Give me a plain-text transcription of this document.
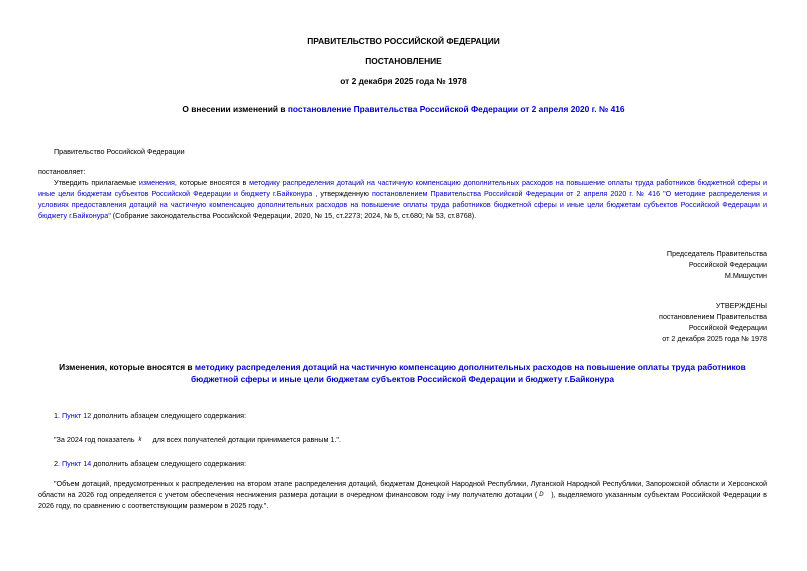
ПРАВИТЕЛЬСТВО РОССИЙСКОЙ ФЕДЕРАЦИИ
ПОСТАНОВЛЕНИЕ
от 2 декабря 2025 года № 1978
О внесении изменений в постановление Правительства Российской Федерации от 2 апреля 2020 г. № 416
Правительство Российской Федерации
постановляет:
Утвердить прилагаемые изменения, которые вносятся в методику распределения дотаций на частичную компенсацию дополнительных расходов на повышение оплаты труда работников бюджетной сферы и иные цели бюджетам субъектов Российской Федерации и бюджету г.Байконура , утвержденную постановлением Правительства Российской Федерации от 2 апреля 2020 г. № 416 "О методике распределения и условиях предоставления дотаций на частичную компенсацию дополнительных расходов на повышение оплаты труда работников бюджетной сферы и иные цели бюджетам субъектов Российской Федерации и бюджету г.Байконура" (Собрание законодательства Российской Федерации, 2020, № 15, ст.2273; 2024, № 5, ст.680; № 53, ст.8768).
Председатель Правительства
Российской Федерации
М.Мишустин
УТВЕРЖДЕНЫ
постановлением Правительства
Российской Федерации
от 2 декабря 2025 года № 1978
Изменения, которые вносятся в методику распределения дотаций на частичную компенсацию дополнительных расходов на повышение оплаты труда работников бюджетной сферы и иные цели бюджетам субъектов Российской Федерации и бюджету г.Байконура
1. Пункт 12 дополнить абзацем следующего содержания:
"За 2024 год показатель k для всех получателей дотации принимается равным 1.".
2. Пункт 14 дополнить абзацем следующего содержания:
"Объем дотаций, предусмотренных к распределению на втором этапе распределения дотаций, бюджетам Донецкой Народной Республики, Луганской Народной Республики, Запорожской области и Херсонской области на 2026 год определяется с учетом обеспечения неснижения размера дотации в очередном финансовом году i-му получателю дотации ( D ), выделяемого указанным субъектам Российской Федерации в 2026 году, по сравнению с соответствующим размером в 2025 году.".
